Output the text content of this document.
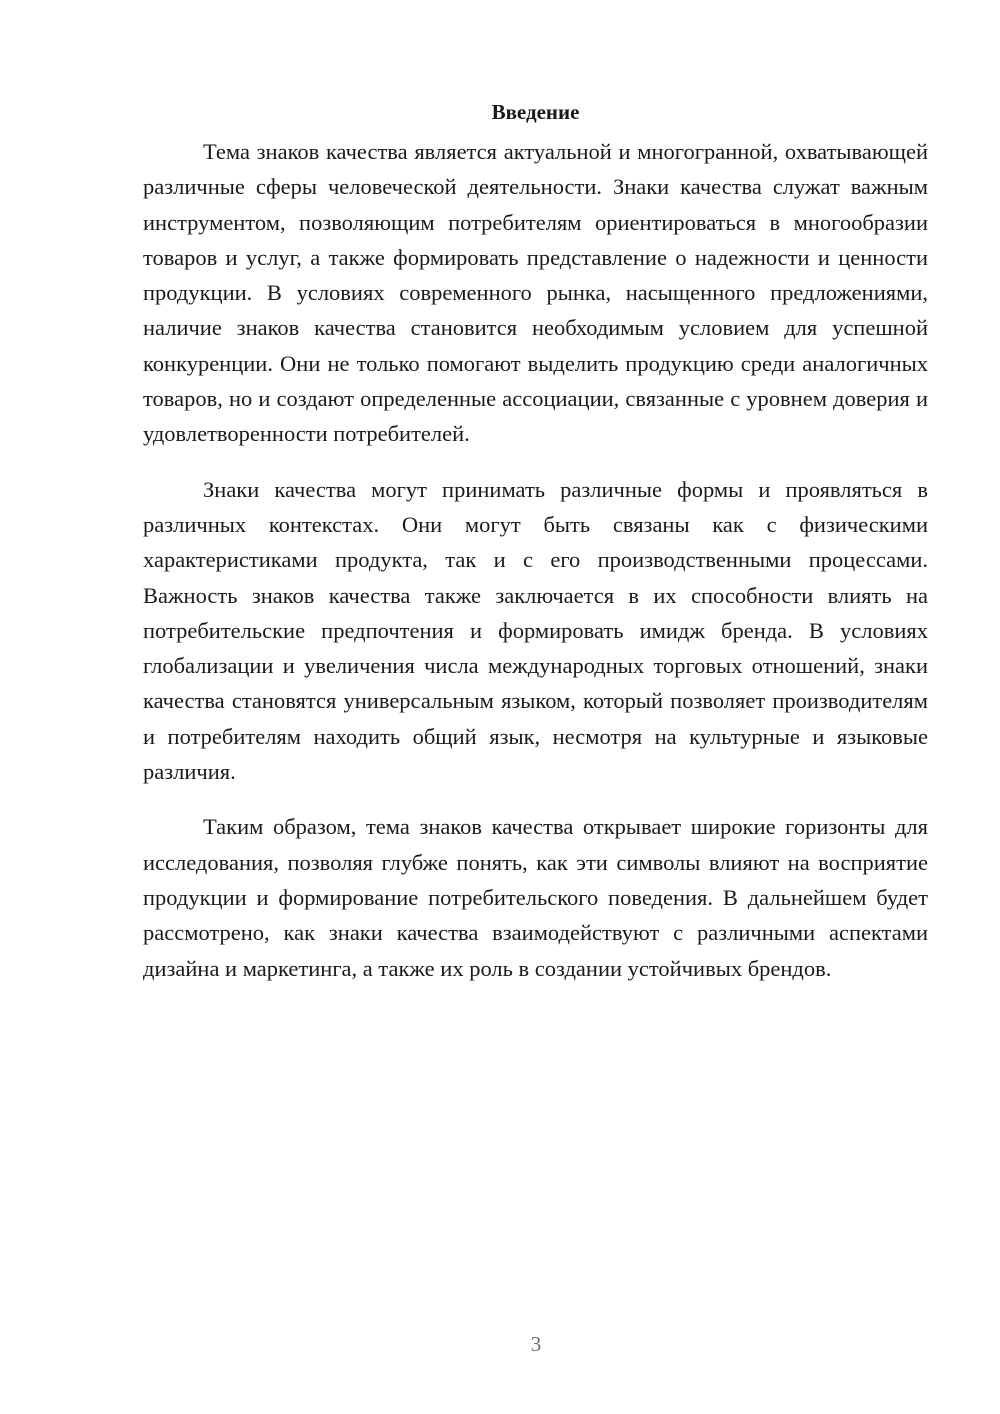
Введение

Тема знаков качества является актуальной и многогранной, охватывающей различные сферы человеческой деятельности. Знаки качества служат важным инструментом, позволяющим потребителям ориентироваться в многообразии товаров и услуг, а также формировать представление о надежности и ценности продукции. В условиях современного рынка, насыщенного предложениями, наличие знаков качества становится необходимым условием для успешной конкуренции. Они не только помогают выделить продукцию среди аналогичных товаров, но и создают определенные ассоциации, связанные с уровнем доверия и удовлетворенности потребителей.

Знаки качества могут принимать различные формы и проявляться в различных контекстах. Они могут быть связаны как с физическими характеристиками продукта, так и с его производственными процессами. Важность знаков качества также заключается в их способности влиять на потребительские предпочтения и формировать имидж бренда. В условиях глобализации и увеличения числа международных торговых отношений, знаки качества становятся универсальным языком, который позволяет производителям и потребителям находить общий язык, несмотря на культурные и языковые различия.

Таким образом, тема знаков качества открывает широкие горизонты для исследования, позволяя глубже понять, как эти символы влияют на восприятие продукции и формирование потребительского поведения. В дальнейшем будет рассмотрено, как знаки качества взаимодействуют с различными аспектами дизайна и маркетинга, а также их роль в создании устойчивых брендов.

3
